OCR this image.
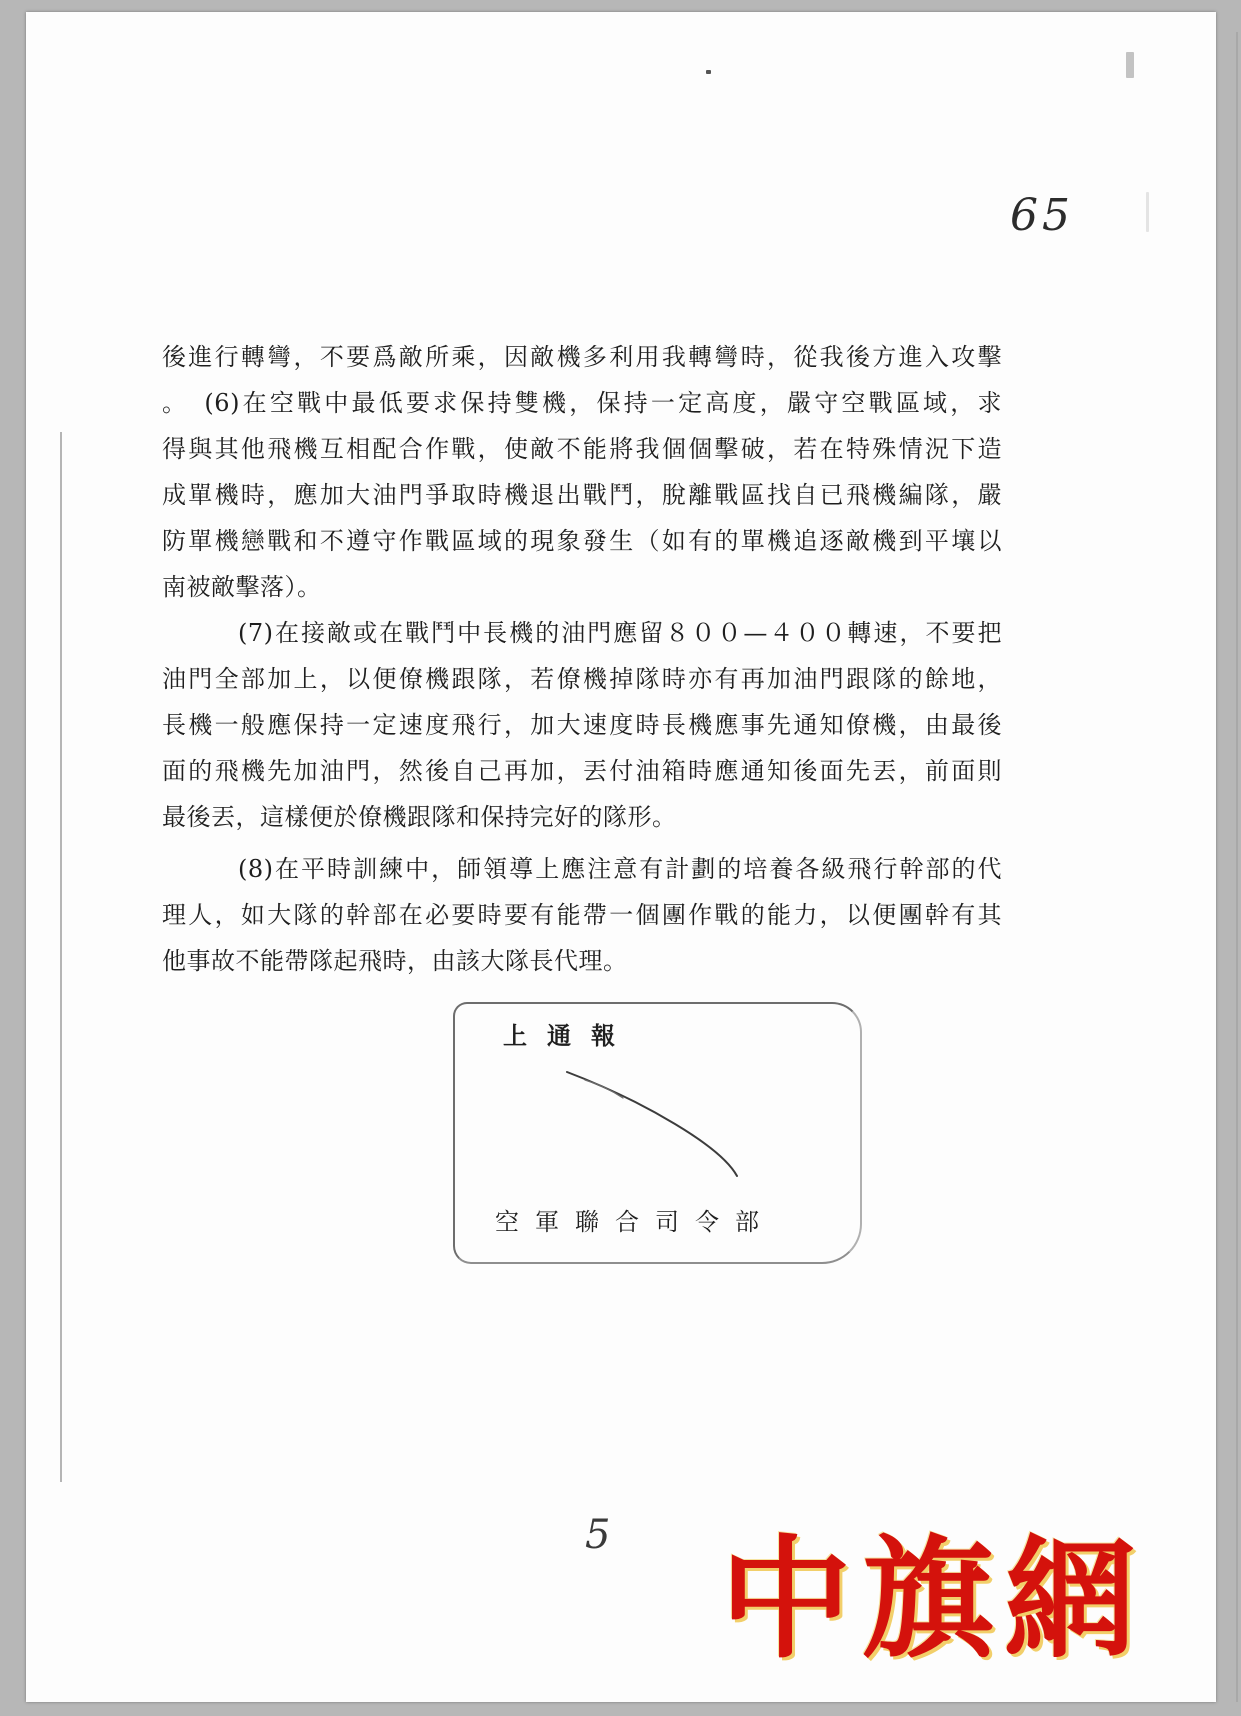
65
後進行轉彎，不要爲敵所乘，因敵機多利用我轉彎時，從我後方進入攻擊
。　(6)在空戰中最低要求保持雙機，保持一定高度，嚴守空戰區域，求
得與其他飛機互相配合作戰，使敵不能將我個個擊破，若在特殊情況下造
成單機時，應加大油門爭取時機退出戰鬥，脫離戰區找自已飛機編隊，嚴
防單機戀戰和不遵守作戰區域的現象發生（如有的單機追逐敵機到平壤以
南被敵擊落）。
(7)在接敵或在戰鬥中長機的油門應留８００—４００轉速，不要把
油門全部加上，以便僚機跟隊，若僚機掉隊時亦有再加油門跟隊的餘地，
長機一般應保持一定速度飛行，加大速度時長機應事先通知僚機，由最後
面的飛機先加油門，然後自己再加，丟付油箱時應通知後面先丟，前面則
最後丟，這樣便於僚機跟隊和保持完好的隊形。
(8)在平時訓練中，師領導上應注意有計劃的培養各級飛行幹部的代
理人，如大隊的幹部在必要時要有能帶一個團作戰的能力，以便團幹有其
他事故不能帶隊起飛時，由該大隊長代理。
上通報
空軍聯合司令部
5 中旗網
